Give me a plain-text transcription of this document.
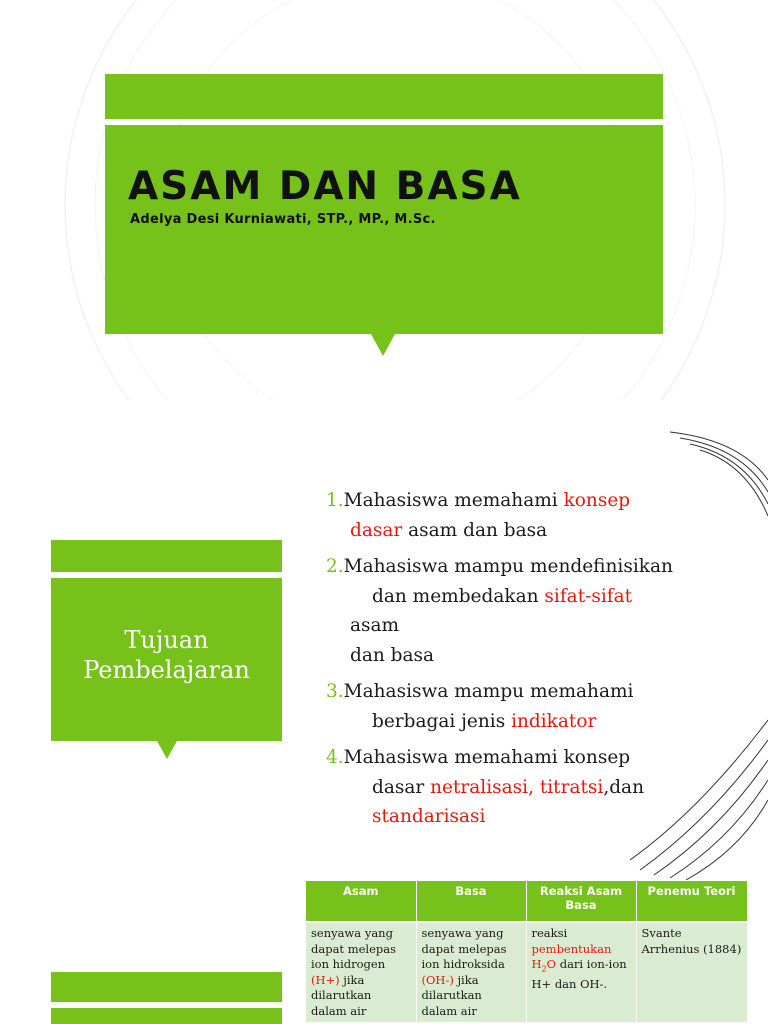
ASAM DAN BASA

Adelya Desi Kurniawati, STP., MP., M.Sc.

Tujuan
Pembelajaran

1.Mahasiswa memahami konsep
dasar asam dan basa
2.Mahasiswa mampu mendefinisikan
dan membedakan sifat-sifat
asam
dan basa
3.Mahasiswa mampu memahami
berbagai jenis indikator
4.Mahasiswa memahami konsep
dasar netralisasi, titratsi,dan
standarisasi
Asam	Basa	Reaksi Asam Basa	Penemu Teori
senyawa yang dapat melepas ion hidrogen (H+) jika dilarutkan dalam air	senyawa yang dapat melepas ion hidroksida (OH-) jika dilarutkan dalam air	reaksi pembentukan $H_2O$ dari ion-ion H+ dan OH-.	Svante Arrhenius (1884)
